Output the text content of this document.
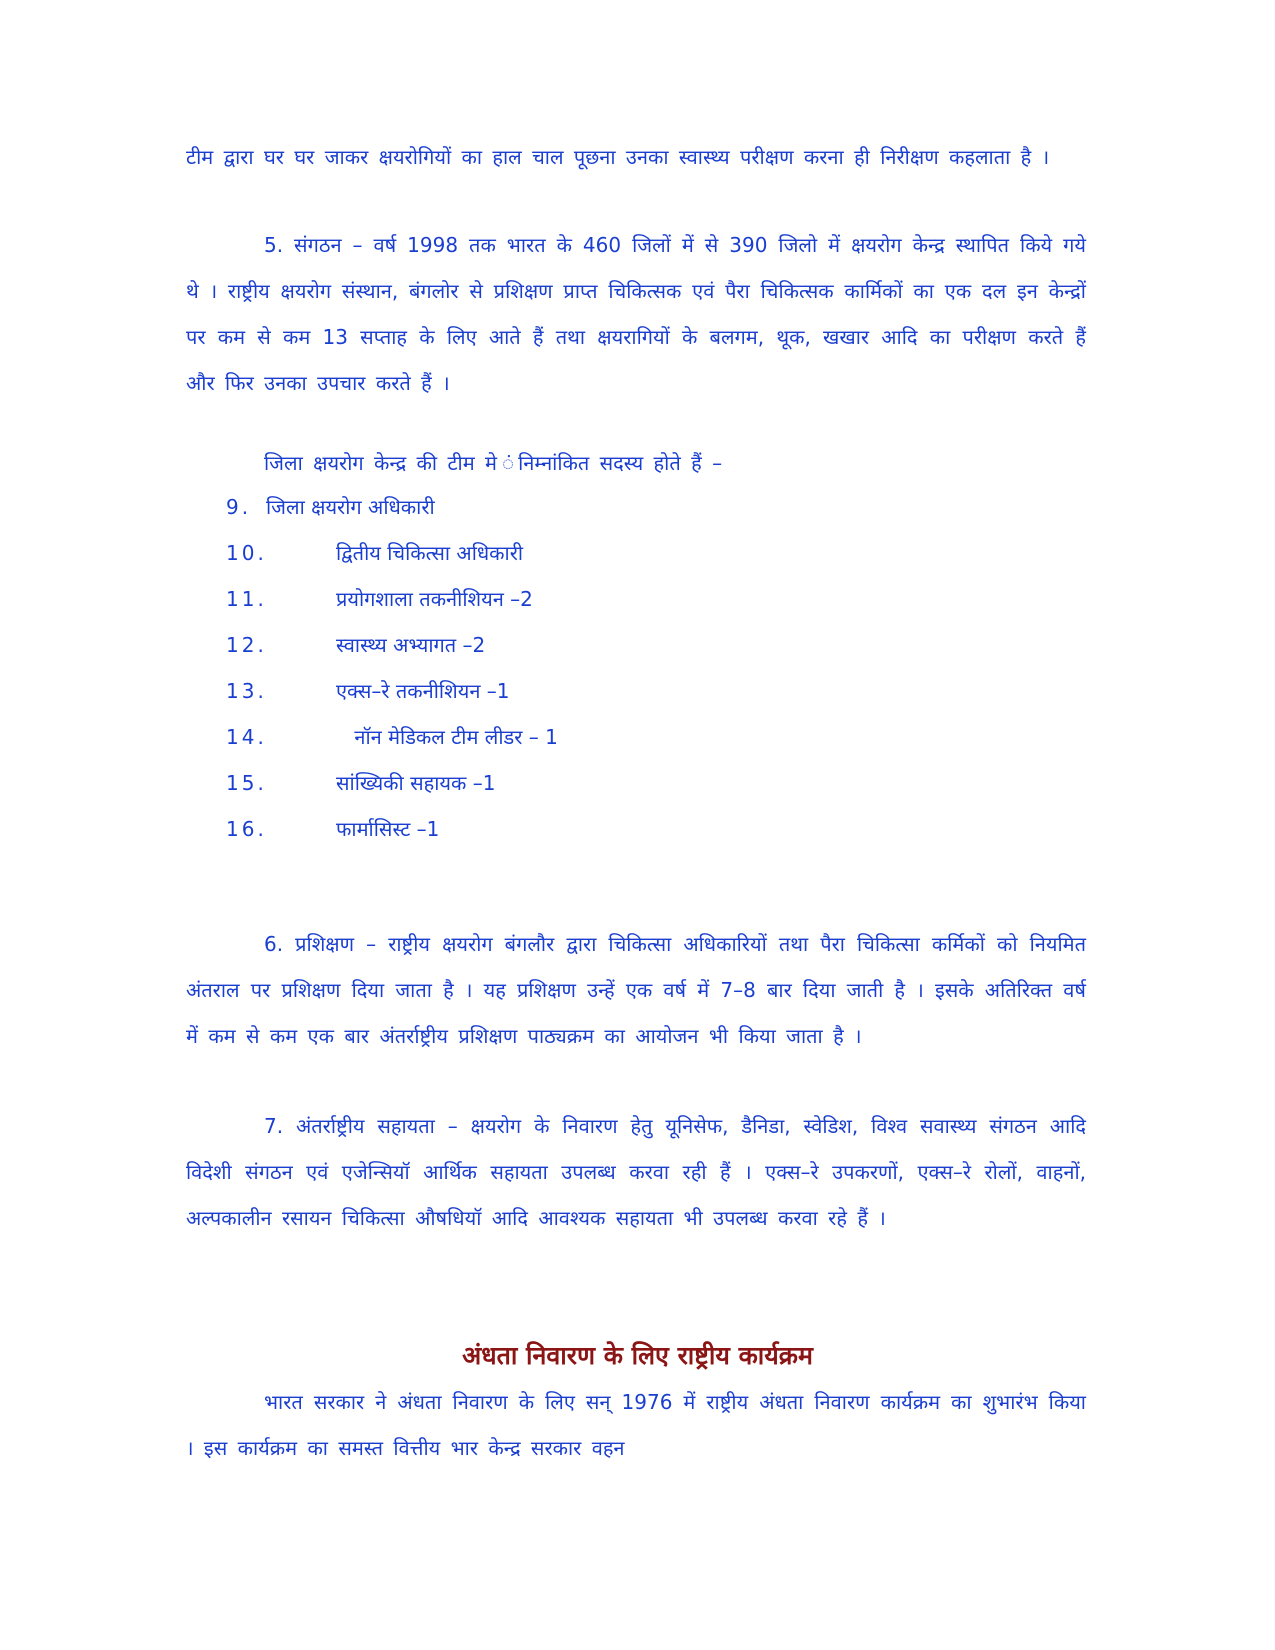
टीम द्वारा घर घर जाकर क्षयरोगियों का हाल चाल पूछना उनका स्वास्थ्य परीक्षण करना ही निरीक्षण कहलाता है ।

5. संगठन – वर्ष 1998 तक भारत के 460 जिलों में से 390 जिलो में क्षयरोग केन्द्र स्थापित किये गये थे । राष्ट्रीय क्षयरोग संस्थान, बंगलोर से प्रशिक्षण प्राप्त चिकित्सक एवं पैरा चिकित्सक कार्मिकों का एक दल इन केन्द्रों पर कम से कम 13 सप्ताह के लिए आते हैं तथा क्षयरागियों के बलगम, थूक, खखार आदि का परीक्षण करते हैं और फिर उनका उपचार करते हैं ।

जिला क्षयरोग केन्द्र की टीम मे ंनिम्नांकित सदस्य होते हैं –

9. जिला क्षयरोग अधिकारी
10.	द्वितीय चिकित्सा अधिकारी
11.	प्रयोगशाला तकनीशियन –2
12.	स्वास्थ्य अभ्यागत –2
13.	एक्स–रे तकनीशियन –1
14.	नॉन मेडिकल टीम लीडर – 1
15.	सांख्यिकी सहायक –1
16.	फार्मासिस्ट –1

6. प्रशिक्षण – राष्ट्रीय क्षयरोग बंगलौर द्वारा चिकित्सा अधिकारियों तथा पैरा चिकित्सा कर्मिकों को नियमित अंतराल पर प्रशिक्षण दिया जाता है । यह प्रशिक्षण उन्हें एक वर्ष में 7–8 बार दिया जाती है । इसके अतिरिक्त वर्ष में कम से कम एक बार अंतर्राष्ट्रीय प्रशिक्षण पाठ्यक्रम का आयोजन भी किया जाता है ।

7. अंतर्राष्ट्रीय सहायता – क्षयरोग के निवारण हेतु यूनिसेफ, डैनिडा, स्वेडिश, विश्व सवास्थ्य संगठन आदि विदेशी संगठन एवं एजेन्सियॉ आर्थिक सहायता उपलब्ध करवा रही हैं । एक्स–रे उपकरणों, एक्स–रे रोलों, वाहनों, अल्पकालीन रसायन चिकित्सा औषधियॉ आदि आवश्यक सहायता भी उपलब्ध करवा रहे हैं ।

अंधता निवारण के लिए राष्ट्रीय कार्यक्रम

भारत सरकार ने अंधता निवारण के लिए सन् 1976 में राष्ट्रीय अंधता निवारण कार्यक्रम का शुभारंभ किया । इस कार्यक्रम का समस्त वित्तीय भार केन्द्र सरकार वहन
